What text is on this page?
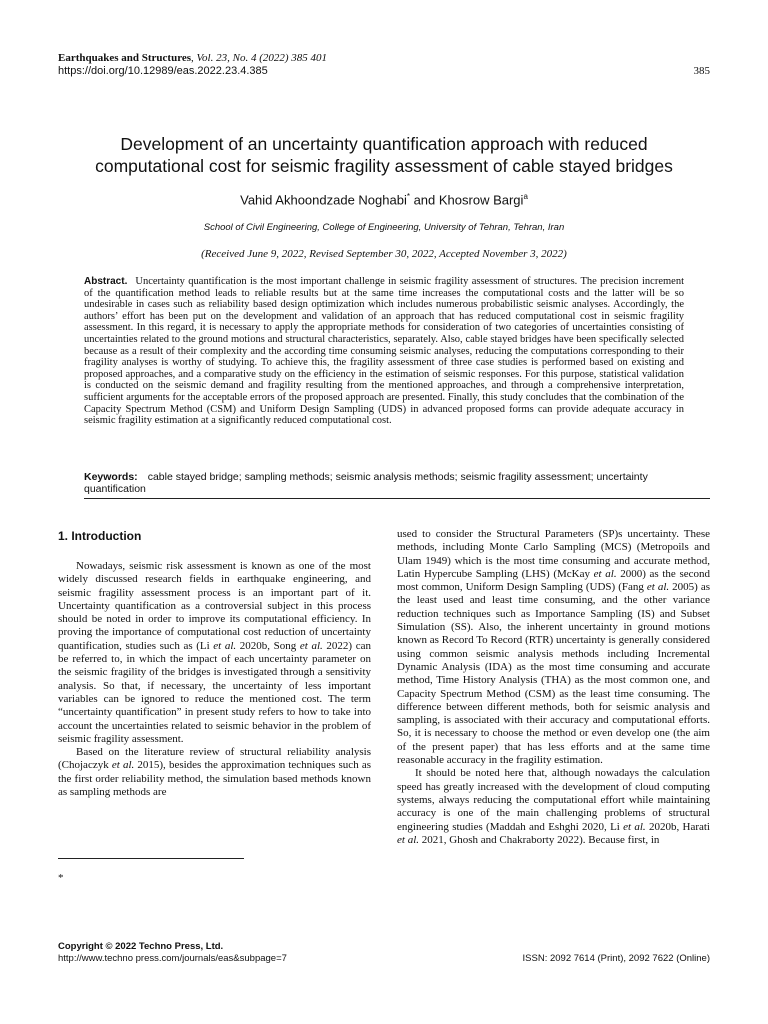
Earthquakes and Structures, Vol. 23, No. 4 (2022) 385 401
https://doi.org/10.12989/eas.2022.23.4.385	385
Development of an uncertainty quantification approach with reduced
computational cost for seismic fragility assessment of cable stayed bridges
Vahid Akhoondzade Noghabi* and Khosrow Bargi$^a$
School of Civil Engineering, College of Engineering, University of Tehran, Tehran, Iran
(Received June 9, 2022, Revised September 30, 2022, Accepted November 3, 2022)
Abstract. Uncertainty quantification is the most important challenge in seismic fragility assessment of structures. The precision increment of the quantification method leads to reliable results but at the same time increases the computational costs and the latter will be so undesirable in cases such as reliability based design optimization which includes numerous probabilistic seismic analyses. Accordingly, the authors’ effort has been put on the development and validation of an approach that has reduced computational cost in seismic fragility assessment. In this regard, it is necessary to apply the appropriate methods for consideration of two categories of uncertainties consisting of uncertainties related to the ground motions and structural characteristics, separately. Also, cable stayed bridges have been specifically selected because as a result of their complexity and the according time consuming seismic analyses, reducing the computations corresponding to their fragility analyses is worthy of studying. To achieve this, the fragility assessment of three case studies is performed based on existing and proposed approaches, and a comparative study on the efficiency in the estimation of seismic responses. For this purpose, statistical validation is conducted on the seismic demand and fragility resulting from the mentioned approaches, and through a comprehensive interpretation, sufficient arguments for the acceptable errors of the proposed approach are presented. Finally, this study concludes that the combination of the Capacity Spectrum Method (CSM) and Uniform Design Sampling (UDS) in advanced proposed forms can provide adequate accuracy in seismic fragility estimation at a significantly reduced computational cost.
Keywords: cable stayed bridge; sampling methods; seismic analysis methods; seismic fragility assessment; uncertainty quantification
1. Introduction

Nowadays, seismic risk assessment is known as one of the most widely discussed research fields in earthquake engineering, and seismic fragility assessment process is an important part of it. Uncertainty quantification as a controversial subject in this process should be noted in order to improve its computational efficiency. In proving the importance of computational cost reduction of uncertainty quantification, studies such as (Li et al. 2020b, Song et al. 2022) can be referred to, in which the impact of each uncertainty parameter on the seismic fragility of the bridges is investigated through a sensitivity analysis. So that, if necessary, the uncertainty of less important variables can be ignored to reduce the mentioned cost. The term “uncertainty quantification” in present study refers to how to take into account the uncertainties related to seismic behavior in the problem of seismic fragility assessment.

Based on the literature review of structural reliability analysis (Chojaczyk et al. 2015), besides the approximation techniques such as the first order reliability method, the simulation based methods known as sampling methods are

used to consider the Structural Parameters (SP)s uncertainty. These methods, including Monte Carlo Sampling (MCS) (Metropoils and Ulam 1949) which is the most time consuming and accurate method, Latin Hypercube Sampling (LHS) (McKay et al. 2000) as the second most common, Uniform Design Sampling (UDS) (Fang et al. 2005) as the least used and least time consuming, and the other variance reduction techniques such as Importance Sampling (IS) and Subset Simulation (SS). Also, the inherent uncertainty in ground motions known as Record To Record (RTR) uncertainty is generally considered using common seismic analysis methods including Incremental Dynamic Analysis (IDA) as the most time consuming and accurate method, Time History Analysis (THA) as the most common one, and Capacity Spectrum Method (CSM) as the least time consuming. The difference between different methods, both for seismic analysis and sampling, is associated with their accuracy and computational efforts. So, it is necessary to choose the method or even develop one (the aim of the present paper) that has less efforts and at the same time reasonable accuracy in the fragility estimation.

It should be noted here that, although nowadays the calculation speed has greatly increased with the development of cloud computing systems, always reducing the computational effort while maintaining accuracy is one of the main challenging problems of structural engineering studies (Maddah and Eshghi 2020, Li et al. 2020b, Harati et al. 2021, Ghosh and Chakraborty 2022). Because first, in

*
Copyright © 2022 Techno Press, Ltd.
http://www.techno press.com/journals/eas&subpage=7	ISSN: 2092 7614 (Print), 2092 7622 (Online)
